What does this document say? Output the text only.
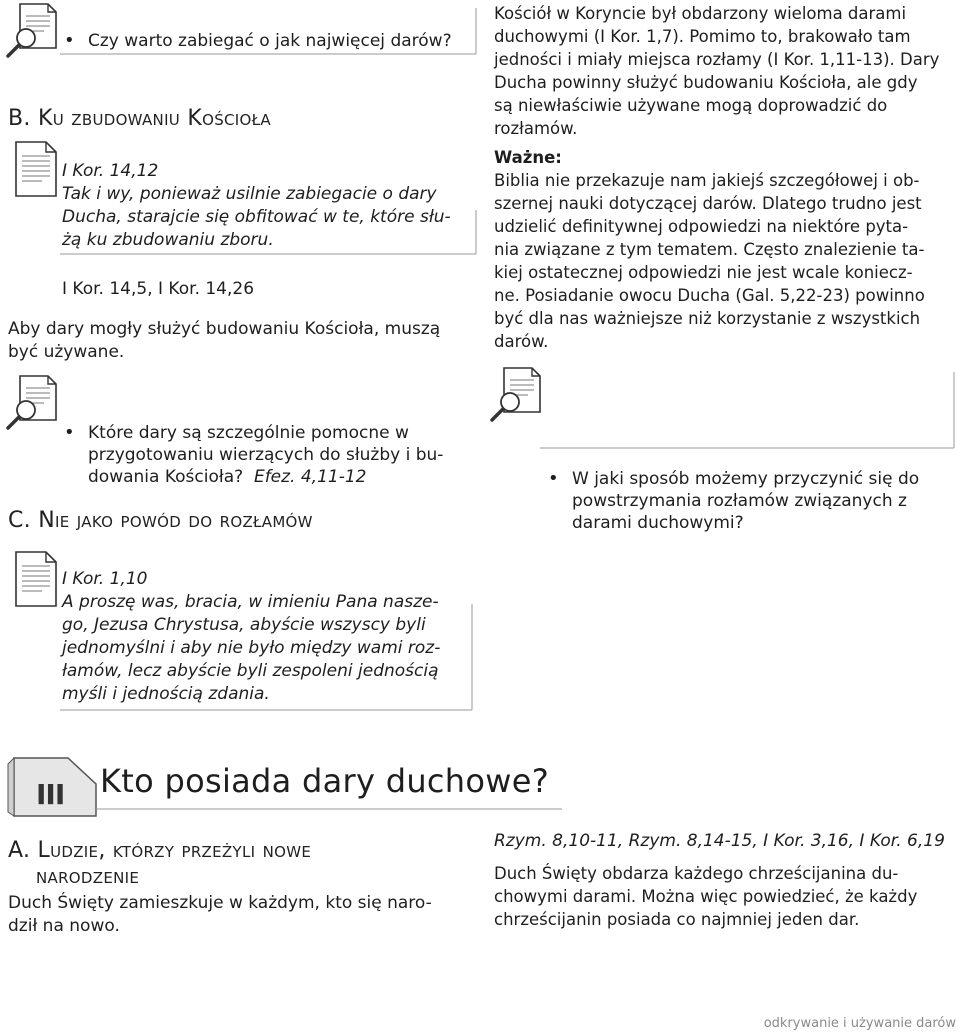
• Czy warto zabiegać o jak najwięcej darów?
B. Ku zbudowaniu Kościoła

I Kor. 14,12

Tak i wy, ponieważ usilnie zabiegacie o dary

Ducha, starajcie się obfitować w te, które słu-

żą ku zbudowaniu zboru.

I Kor. 14,5, I Kor. 14,26

Aby dary mogły służyć budowaniu Kościoła, muszą

być używane.

• Które dary są szczególnie pomocne w

przygotowaniu wierzących do służby i bu-

dowania Kościoła? Efez. 4,11-12

C. Nie jako powód do rozłamów

I Kor. 1,10

A proszę was, bracia, w imieniu Pana nasze-

go, Jezusa Chrystusa, abyście wszyscy byli

jednomyślni i aby nie było między wami roz-

łamów, lecz abyście byli zespoleni jednością

myśli i jednością zdania.

Kościół w Koryncie był obdarzony wieloma darami

duchowymi (I Kor. 1,7). Pomimo to, brakowało tam

jedności i miały miejsca rozłamy (I Kor. 1,11-13). Dary

Ducha powinny służyć budowaniu Kościoła, ale gdy

są niewłaściwie używane mogą doprowadzić do

rozłamów.

Ważne:

Biblia nie przekazuje nam jakiejś szczegółowej i ob-

szernej nauki dotyczącej darów. Dlatego trudno jest

udzielić definitywnej odpowiedzi na niektóre pyta-

nia związane z tym tematem. Często znalezienie ta-

kiej ostatecznej odpowiedzi nie jest wcale koniecz-

ne. Posiadanie owocu Ducha (Gal. 5,22-23) powinno

być dla nas ważniejsze niż korzystanie z wszystkich

darów.

• W jaki sposób możemy przyczynić się do

powstrzymania rozłamów związanych z

darami duchowymi?

III Kto posiada dary duchowe?

A. Ludzie, którzy przeżyli nowe

narodzenie

Duch Święty zamieszkuje w każdym, kto się naro-

dził na nowo.

Rzym. 8,10-11, Rzym. 8,14-15, I Kor. 3,16, I Kor. 6,19

Duch Święty obdarza każdego chrześcijanina du-

chowymi darami. Można więc powiedzieć, że każdy

chrześcijanin posiada co najmniej jeden dar.

odkrywanie i używanie darów
